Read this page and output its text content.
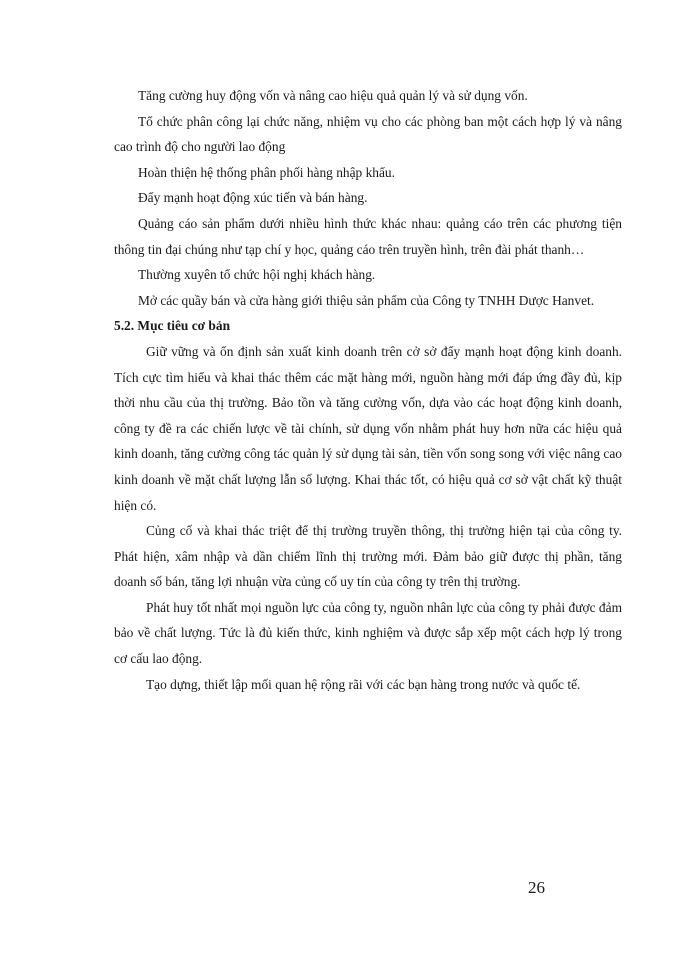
Tăng cường huy động vốn và nâng cao hiệu quả quản lý và sử dụng vốn.

Tổ chức phân công lại chức năng, nhiệm vụ cho các phòng ban một cách hợp lý và nâng cao trình độ cho người lao động

Hoàn thiện hệ thống phân phối hàng nhập khẩu.

Đẩy mạnh hoạt động xúc tiến và bán hàng.

Quảng cáo sản phẩm dưới nhiều hình thức khác nhau: quảng cáo trên các phương tiện thông tin đại chúng như tạp chí y học, quảng cáo trên truyền hình, trên đài phát thanh…

Thường xuyên tổ chức hội nghị khách hàng.

Mở các quầy bán và cửa hàng giới thiệu sản phẩm của Công ty TNHH Dược Hanvet.

5.2. Mục tiêu cơ bản

Giữ vững và ổn định sản xuất kinh doanh trên cở sở đẩy mạnh hoạt động kinh doanh. Tích cực tìm hiểu và khai thác thêm các mặt hàng mới, nguồn hàng mới đáp ứng đầy đủ, kịp thời nhu cầu của thị trường. Bảo tồn và tăng cường vốn, dựa vào các hoạt động kinh doanh, công ty đề ra các chiến lược về tài chính, sử dụng vốn nhằm phát huy hơn nữa các hiệu quả kinh doanh, tăng cường công tác quản lý sử dụng tài sản, tiền vốn song song với việc nâng cao kinh doanh về mặt chất lượng lẫn số lượng. Khai thác tốt, có hiệu quả cơ sở vật chất kỹ thuật hiện có.

Củng cố và khai thác triệt để thị trường truyền thông, thị trường hiện tại của công ty. Phát hiện, xâm nhập và dần chiếm lĩnh thị trường mới. Đảm bảo giữ được thị phần, tăng doanh số bán, tăng lợi nhuận vừa củng cố uy tín của công ty trên thị trường.

Phát huy tốt nhất mọi nguồn lực của công ty, nguồn nhân lực của công ty phải được đảm bảo về chất lượng. Tức là đủ kiến thức, kinh nghiệm và được sắp xếp một cách hợp lý trong cơ cấu lao động.

Tạo dựng, thiết lập mối quan hệ rộng rãi với các bạn hàng trong nước và quốc tế.

26
